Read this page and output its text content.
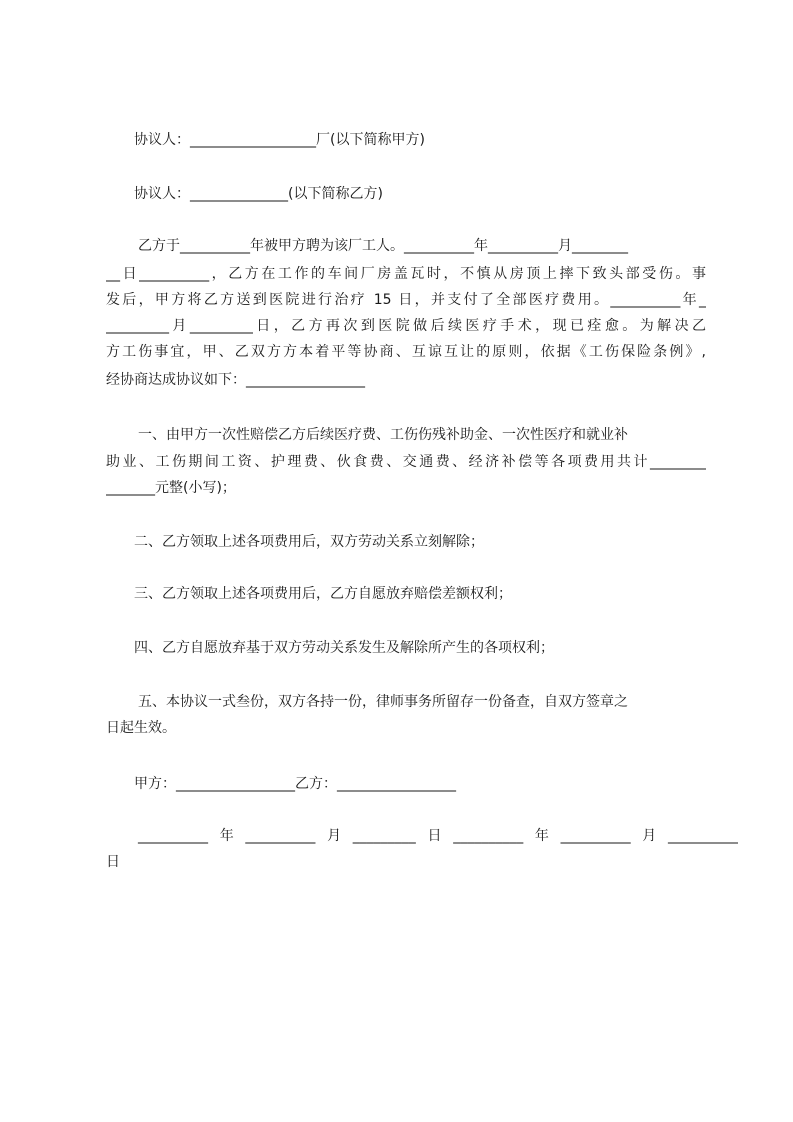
协议人：__________________厂(以下简称甲方)
协议人：______________(以下简称乙方)
乙方于__________年被甲方聘为该厂工人。__________年__________月________
__日__________，乙方在工作的车间厂房盖瓦时，不慎从房顶上摔下致头部受伤。事
发后，甲方将乙方送到医院进行治疗 15 日，并支付了全部医疗费用。__________年_
_________月_________日，乙方再次到医院做后续医疗手术，现已痊愈。为解决乙
方工伤事宜，甲、乙双方方本着平等协商、互谅互让的原则，依据《工伤保险条例》,
经协商达成协议如下：_________________
一、由甲方一次性赔偿乙方后续医疗费、工伤伤残补助金、一次性医疗和就业补
助业、工伤期间工资、护理费、伙食费、交通费、经济补偿等各项费用共计________
_______元整(小写)；
二、乙方领取上述各项费用后，双方劳动关系立刻解除；
三、乙方领取上述各项费用后，乙方自愿放弃赔偿差额权利；
四、乙方自愿放弃基于双方劳动关系发生及解除所产生的各项权利；
五、本协议一式叁份，双方各持一份，律师事务所留存一份备查，自双方签章之
日起生效。
甲方：_________________乙方：_________________
__________年__________月_________日__________年__________月__________
日
